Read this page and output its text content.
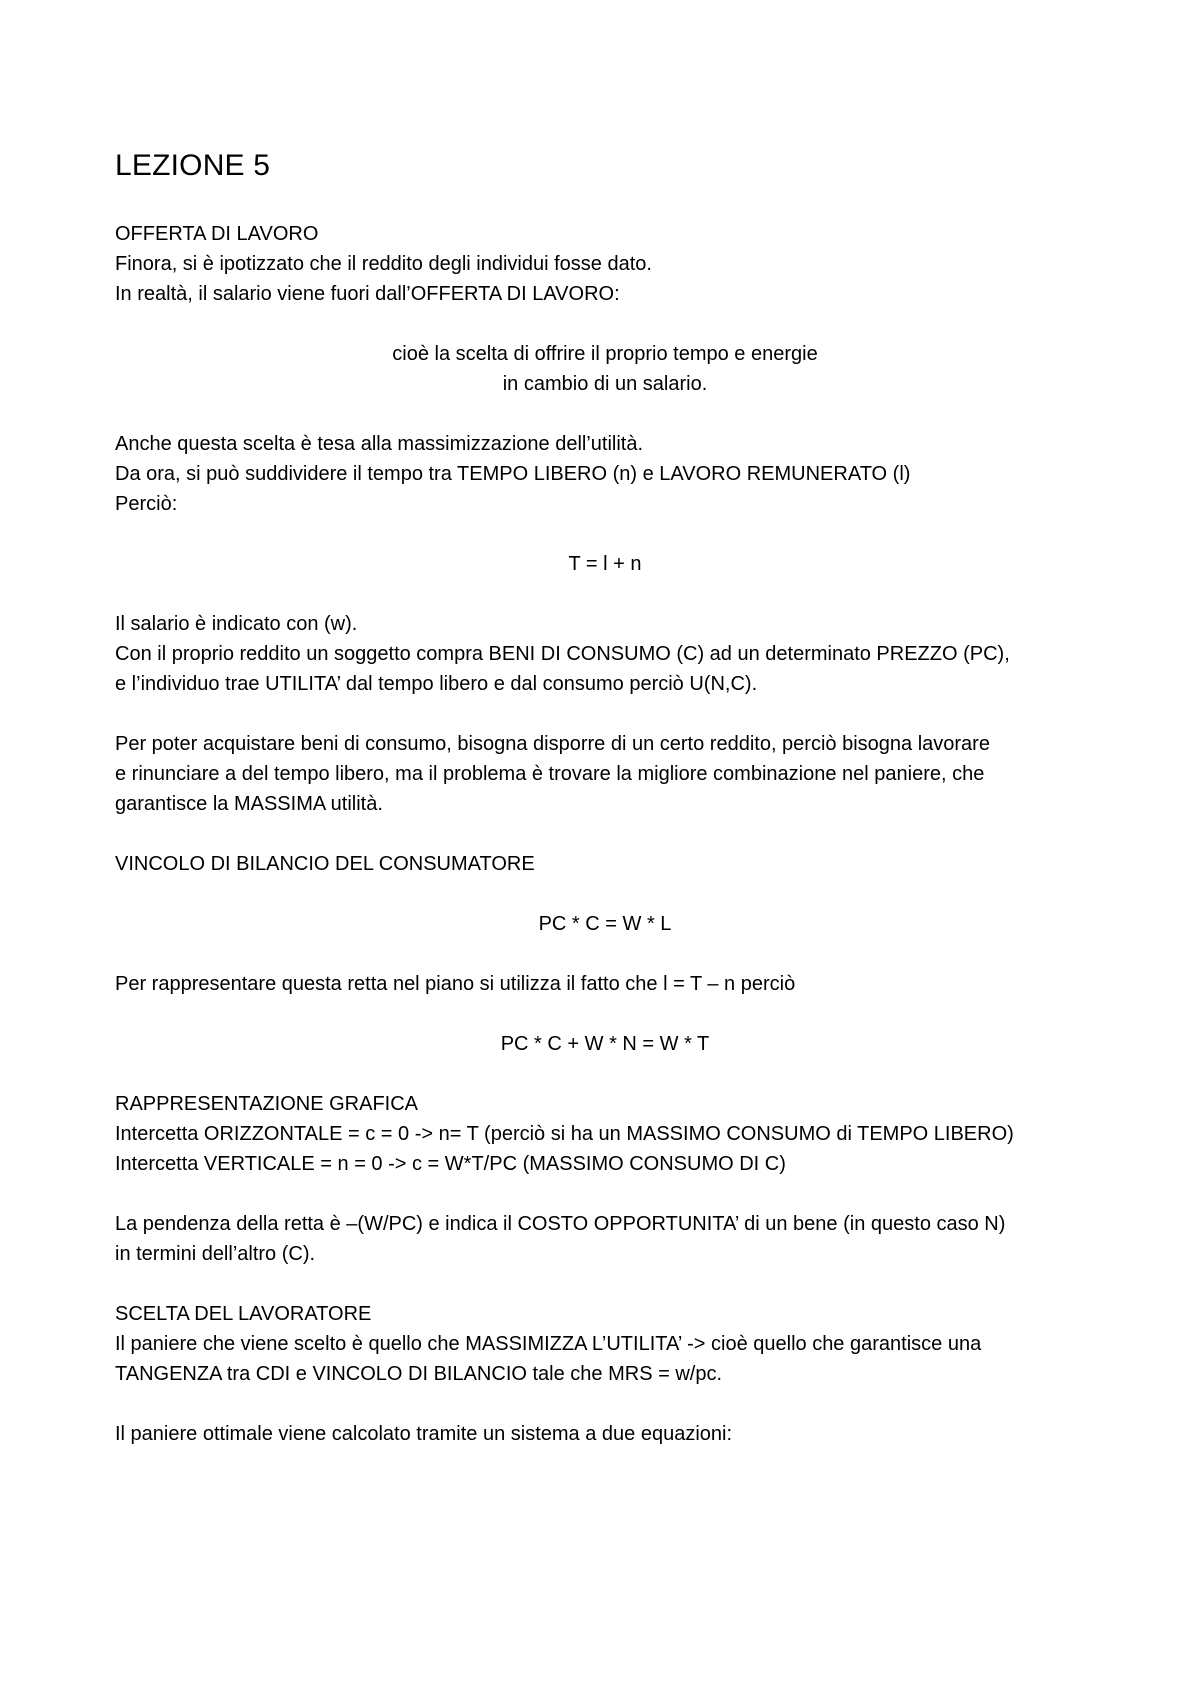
LEZIONE 5

OFFERTA DI LAVORO

Finora, si è ipotizzato che il reddito degli individui fosse dato.

In realtà, il salario viene fuori dall’OFFERTA DI LAVORO:

cioè la scelta di offrire il proprio tempo e energie

in cambio di un salario.

Anche questa scelta è tesa alla massimizzazione dell’utilità.

Da ora, si può suddividere il tempo tra TEMPO LIBERO (n) e LAVORO REMUNERATO (l)

Perciò:

T = l + n

Il salario è indicato con (w).

Con il proprio reddito un soggetto compra BENI DI CONSUMO (C) ad un determinato PREZZO (PC),

e l’individuo trae UTILITA’ dal tempo libero e dal consumo perciò U(N,C).

Per poter acquistare beni di consumo, bisogna disporre di un certo reddito, perciò bisogna lavorare

e rinunciare a del tempo libero, ma il problema è trovare la migliore combinazione nel paniere, che

garantisce la MASSIMA utilità.

VINCOLO DI BILANCIO DEL CONSUMATORE

PC * C = W * L

Per rappresentare questa retta nel piano si utilizza il fatto che l = T – n perciò

PC * C + W * N = W * T

RAPPRESENTAZIONE GRAFICA

Intercetta ORIZZONTALE = c = 0 -> n= T (perciò si ha un MASSIMO CONSUMO di TEMPO LIBERO)

Intercetta VERTICALE = n = 0 -> c = W*T/PC (MASSIMO CONSUMO DI C)

La pendenza della retta è –(W/PC) e indica il COSTO OPPORTUNITA’ di un bene (in questo caso N)

in termini dell’altro (C).

SCELTA DEL LAVORATORE

Il paniere che viene scelto è quello che MASSIMIZZA L’UTILITA’ -> cioè quello che garantisce una

TANGENZA tra CDI e VINCOLO DI BILANCIO tale che MRS = w/pc.

Il paniere ottimale viene calcolato tramite un sistema a due equazioni:
